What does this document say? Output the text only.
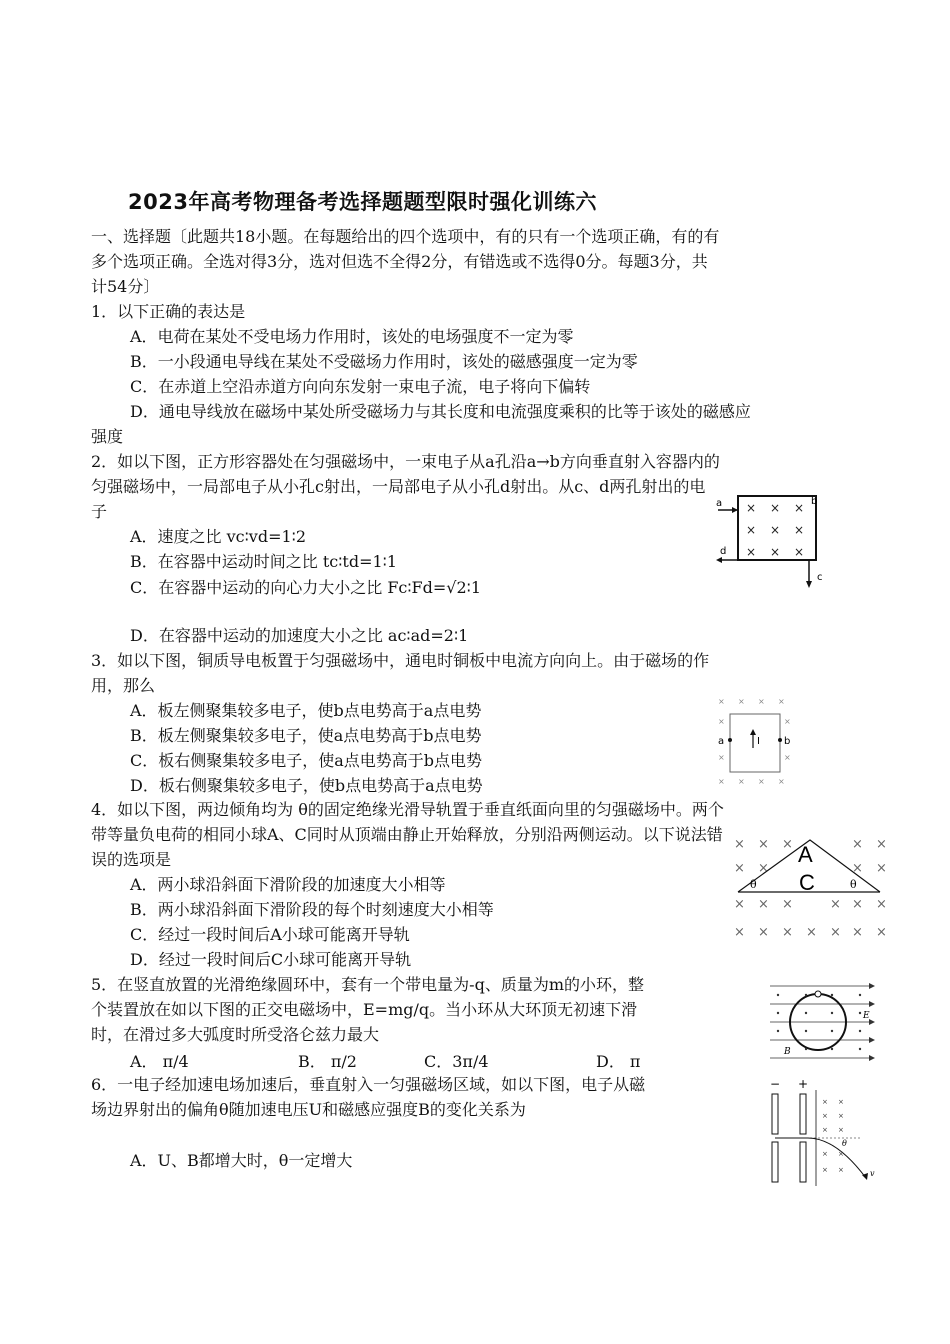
2023年高考物理备考选择题题型限时强化训练六
一、选择题〔此题共18小题。在每题给出的四个选项中，有的只有一个选项正确，有的有
多个选项正确。全选对得3分，选对但选不全得2分，有错选或不选得0分。每题3分，共
计54分〕
1．以下正确的表达是
A．电荷在某处不受电场力作用时，该处的电场强度不一定为零
B．一小段通电导线在某处不受磁场力作用时，该处的磁感强度一定为零
C．在赤道上空沿赤道方向向东发射一束电子流，电子将向下偏转
D．通电导线放在磁场中某处所受磁场力与其长度和电流强度乘积的比等于该处的磁感应
强度
2．如以下图，正方形容器处在匀强磁场中，一束电子从a孔沿a→b方向垂直射入容器内的
匀强磁场中，一局部电子从小孔c射出，一局部电子从小孔d射出。从c、d两孔射出的电
子
A．速度之比 vc∶vd=1∶2
B．在容器中运动时间之比 tc∶td=1∶1
C．在容器中运动的向心力大小之比 Fc∶Fd=√2∶1
D．在容器中运动的加速度大小之比 ac∶ad=2∶1
a	b
d
c
× × ×
× × ×
× × ×
3．如以下图，铜质导电板置于匀强磁场中，通电时铜板中电流方向向上。由于磁场的作
用，那么
A．板左侧聚集较多电子，使b点电势高于a点电势
B．板左侧聚集较多电子，使a点电势高于b点电势
C．板右侧聚集较多电子，使a点电势高于b点电势
D．板右侧聚集较多电子，使b点电势高于a点电势
× × × ×
×	×
×	×
× × × ×
a	b
I
4．如以下图，两边倾角均为 θ的固定绝缘光滑导轨置于垂直纸面向里的匀强磁场中。两个
带等量负电荷的相同小球A、C同时从顶端由静止开始释放，分别沿两侧运动。以下说法错
误的选项是
A．两小球沿斜面下滑阶段的加速度大小相等
B．两小球沿斜面下滑阶段的每个时刻速度大小相等
C．经过一段时间后A小球可能离开导轨
D．经过一段时间后C小球可能离开导轨
× × ×	× ×
× ×	× ×
× × ×	× × ×
× × × × × × ×
A
C
θ	θ
5．在竖直放置的光滑绝缘圆环中，套有一个带电量为-q、质量为m的小环，整
个装置放在如以下图的正交电磁场中，E=mg/q。当小环从大环顶无初速下滑
时，在滑过多大弧度时所受洛仑兹力最大
A． π/4	B． π/2	C．3π/4	D． π
E
B
6．一电子经加速电场加速后，垂直射入一匀强磁场区域，如以下图，电子从磁
场边界射出的偏角θ随加速电压U和磁感应强度B的变化关系为
A．U、B都增大时，θ一定增大
− +
× ×
× ×
× ×
× ×
× ×
θ
v
